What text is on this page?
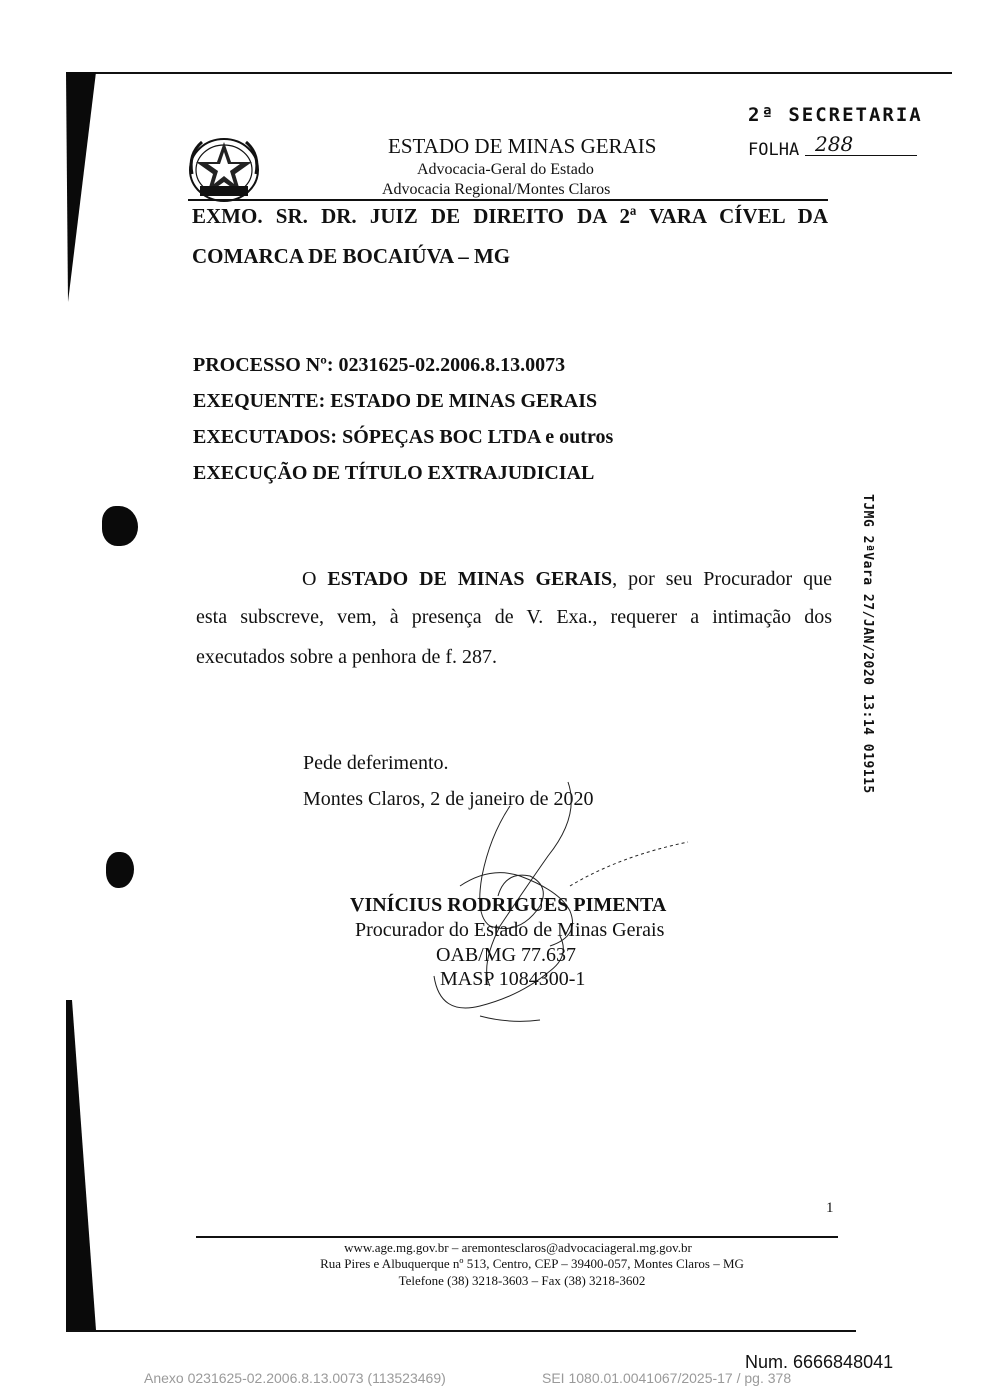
2ª SECRETARIA
FOLHA 288
ESTADO DE MINAS GERAIS
Advocacia-Geral do Estado
Advocacia Regional/Montes Claros
EXMO. SR. DR. JUIZ DE DIREITO DA 2ª VARA CÍVEL DA
COMARCA DE BOCAIÚVA – MG
PROCESSO Nº: 0231625-02.2006.8.13.0073
EXEQUENTE: ESTADO DE MINAS GERAIS
EXECUTADOS: SÓPEÇAS BOC LTDA e outros
EXECUÇÃO DE TÍTULO EXTRAJUDICIAL
O ESTADO DE MINAS GERAIS, por seu Procurador que
esta subscreve, vem, à presença de V. Exa., requerer a intimação dos
executados sobre a penhora de f. 287.
Pede deferimento.
Montes Claros, 2 de janeiro de 2020
VINÍCIUS RODRIGUES PIMENTA
Procurador do Estado de Minas Gerais
OAB/MG 77.637
MASP 1084300-1
1
www.age.mg.gov.br – aremontesclaros@advocaciageral.mg.gov.br
Rua Pires e Albuquerque nº 513, Centro, CEP – 39400-057, Montes Claros – MG
Telefone (38) 3218-3603 – Fax (38) 3218-3602
TJMG 2ªVara 27/JAN/2020 13:14 019115
Num. 6666848041
Anexo 0231625-02.2006.8.13.0073 (113523469)	SEI 1080.01.0041067/2025-17 / pg. 378
